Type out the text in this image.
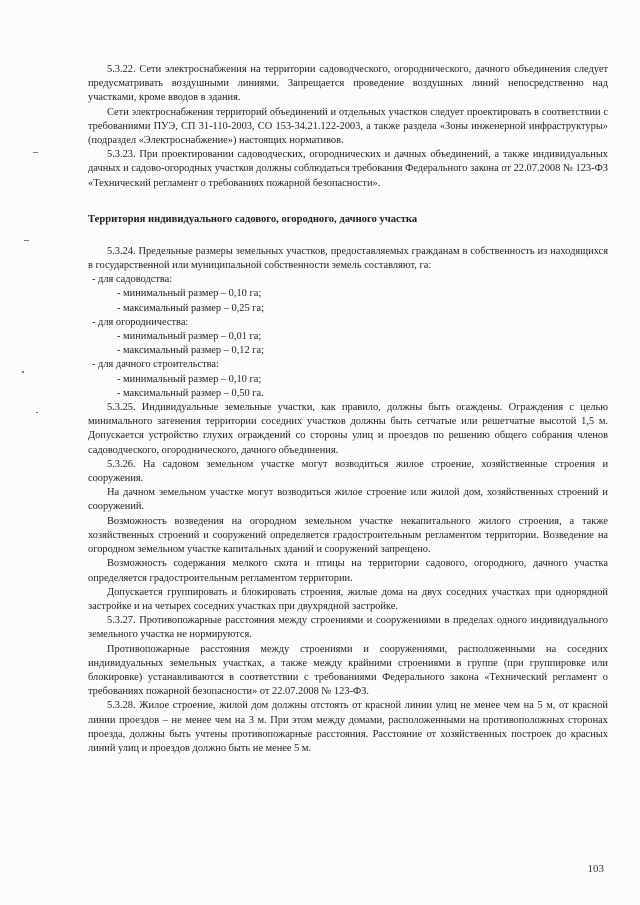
5.3.22. Сети электроснабжения на территории садоводческого, огороднического, дачного объединения следует предусматривать воздушными линиями. Запрещается проведение воздушных линий непосредственно над участками, кроме вводов в здания.

Сети электроснабжения территорий объединений и отдельных участков следует проектировать в соответствии с требованиями ПУЭ, СП 31-110-2003, СО 153-34.21.122-2003, а также раздела «Зоны инженерной инфраструктуры» (подраздел «Электроснабжение») настоящих нормативов.

5.3.23. При проектировании садоводческих, огороднических и дачных объединений, а также индивидуальных дачных и садово-огородных участков должны соблюдаться требования Федерального закона от 22.07.2008 № 123-ФЗ «Технический регламент о требованиях пожарной безопасности».

Территория индивидуального садового, огородного, дачного участка

5.3.24. Предельные размеры земельных участков, предоставляемых гражданам в собственность из находящихся в государственной или муниципальной собственности земель составляют, га:

- для садоводства:
- минимальный размер – 0,10 га;
- максимальный размер – 0,25 га;
- для огородничества:
- минимальный размер – 0,01 га;
- максимальный размер – 0,12 га;
- для дачного строительства:
- минимальный размер – 0,10 га;
- максимальный размер – 0,50 га.

5.3.25. Индивидуальные земельные участки, как правило, должны быть огаждены. Ограждения с целью минимального затенения территории соседних участков должны быть сетчатые или решетчатые высотой 1,5 м. Допускается устройство глухих ограждений со стороны улиц и проездов по решению общего собрания членов садоводческого, огороднического, дачного объединения.

5.3.26. На садовом земельном участке могут возводиться жилое строение, хозяйственные строения и сооружения.

На дачном земельном участке могут возводиться жилое строение или жилой дом, хозяйственных строений и сооружений.

Возможность возведения на огородном земельном участке некапитального жилого строения, а также хозяйственных строений и сооружений определяется градостроительным регламентом территории. Возведение на огородном земельном участке капитальных зданий и сооружений запрещено.

Возможность содержания мелкого скота и птицы на территории садового, огородного, дачного участка определяется градостроительным регламентом территории.

Допускается группировать и блокировать строения, жилые дома на двух соседних участках при однорядной застройке и на четырех соседних участках при двухрядной застройке.

5.3.27. Противопожарные расстояния между строениями и сооружениями в пределах одного индивидуального земельного участка не нормируются.

Противопожарные расстояния между строениями и сооружениями, расположенными на соседних индивидуальных земельных участках, а также между крайними строениями в группе (при группировке или блокировке) устанавливаются в соответствии с требованиями Федерального закона «Технический регламент о требованиях пожарной безопасности» от 22.07.2008 № 123-ФЗ.

5.3.28. Жилое строение, жилой дом должны отстоять от красной линии улиц не менее чем на 5 м, от красной линии проездов – не менее чем на 3 м. При этом между домами, расположенными на противоположных сторонах проезда, должны быть учтены противопожарные расстояния. Расстояние от хозяйственных построек до красных линий улиц и проездов должно быть не менее 5 м.

103
